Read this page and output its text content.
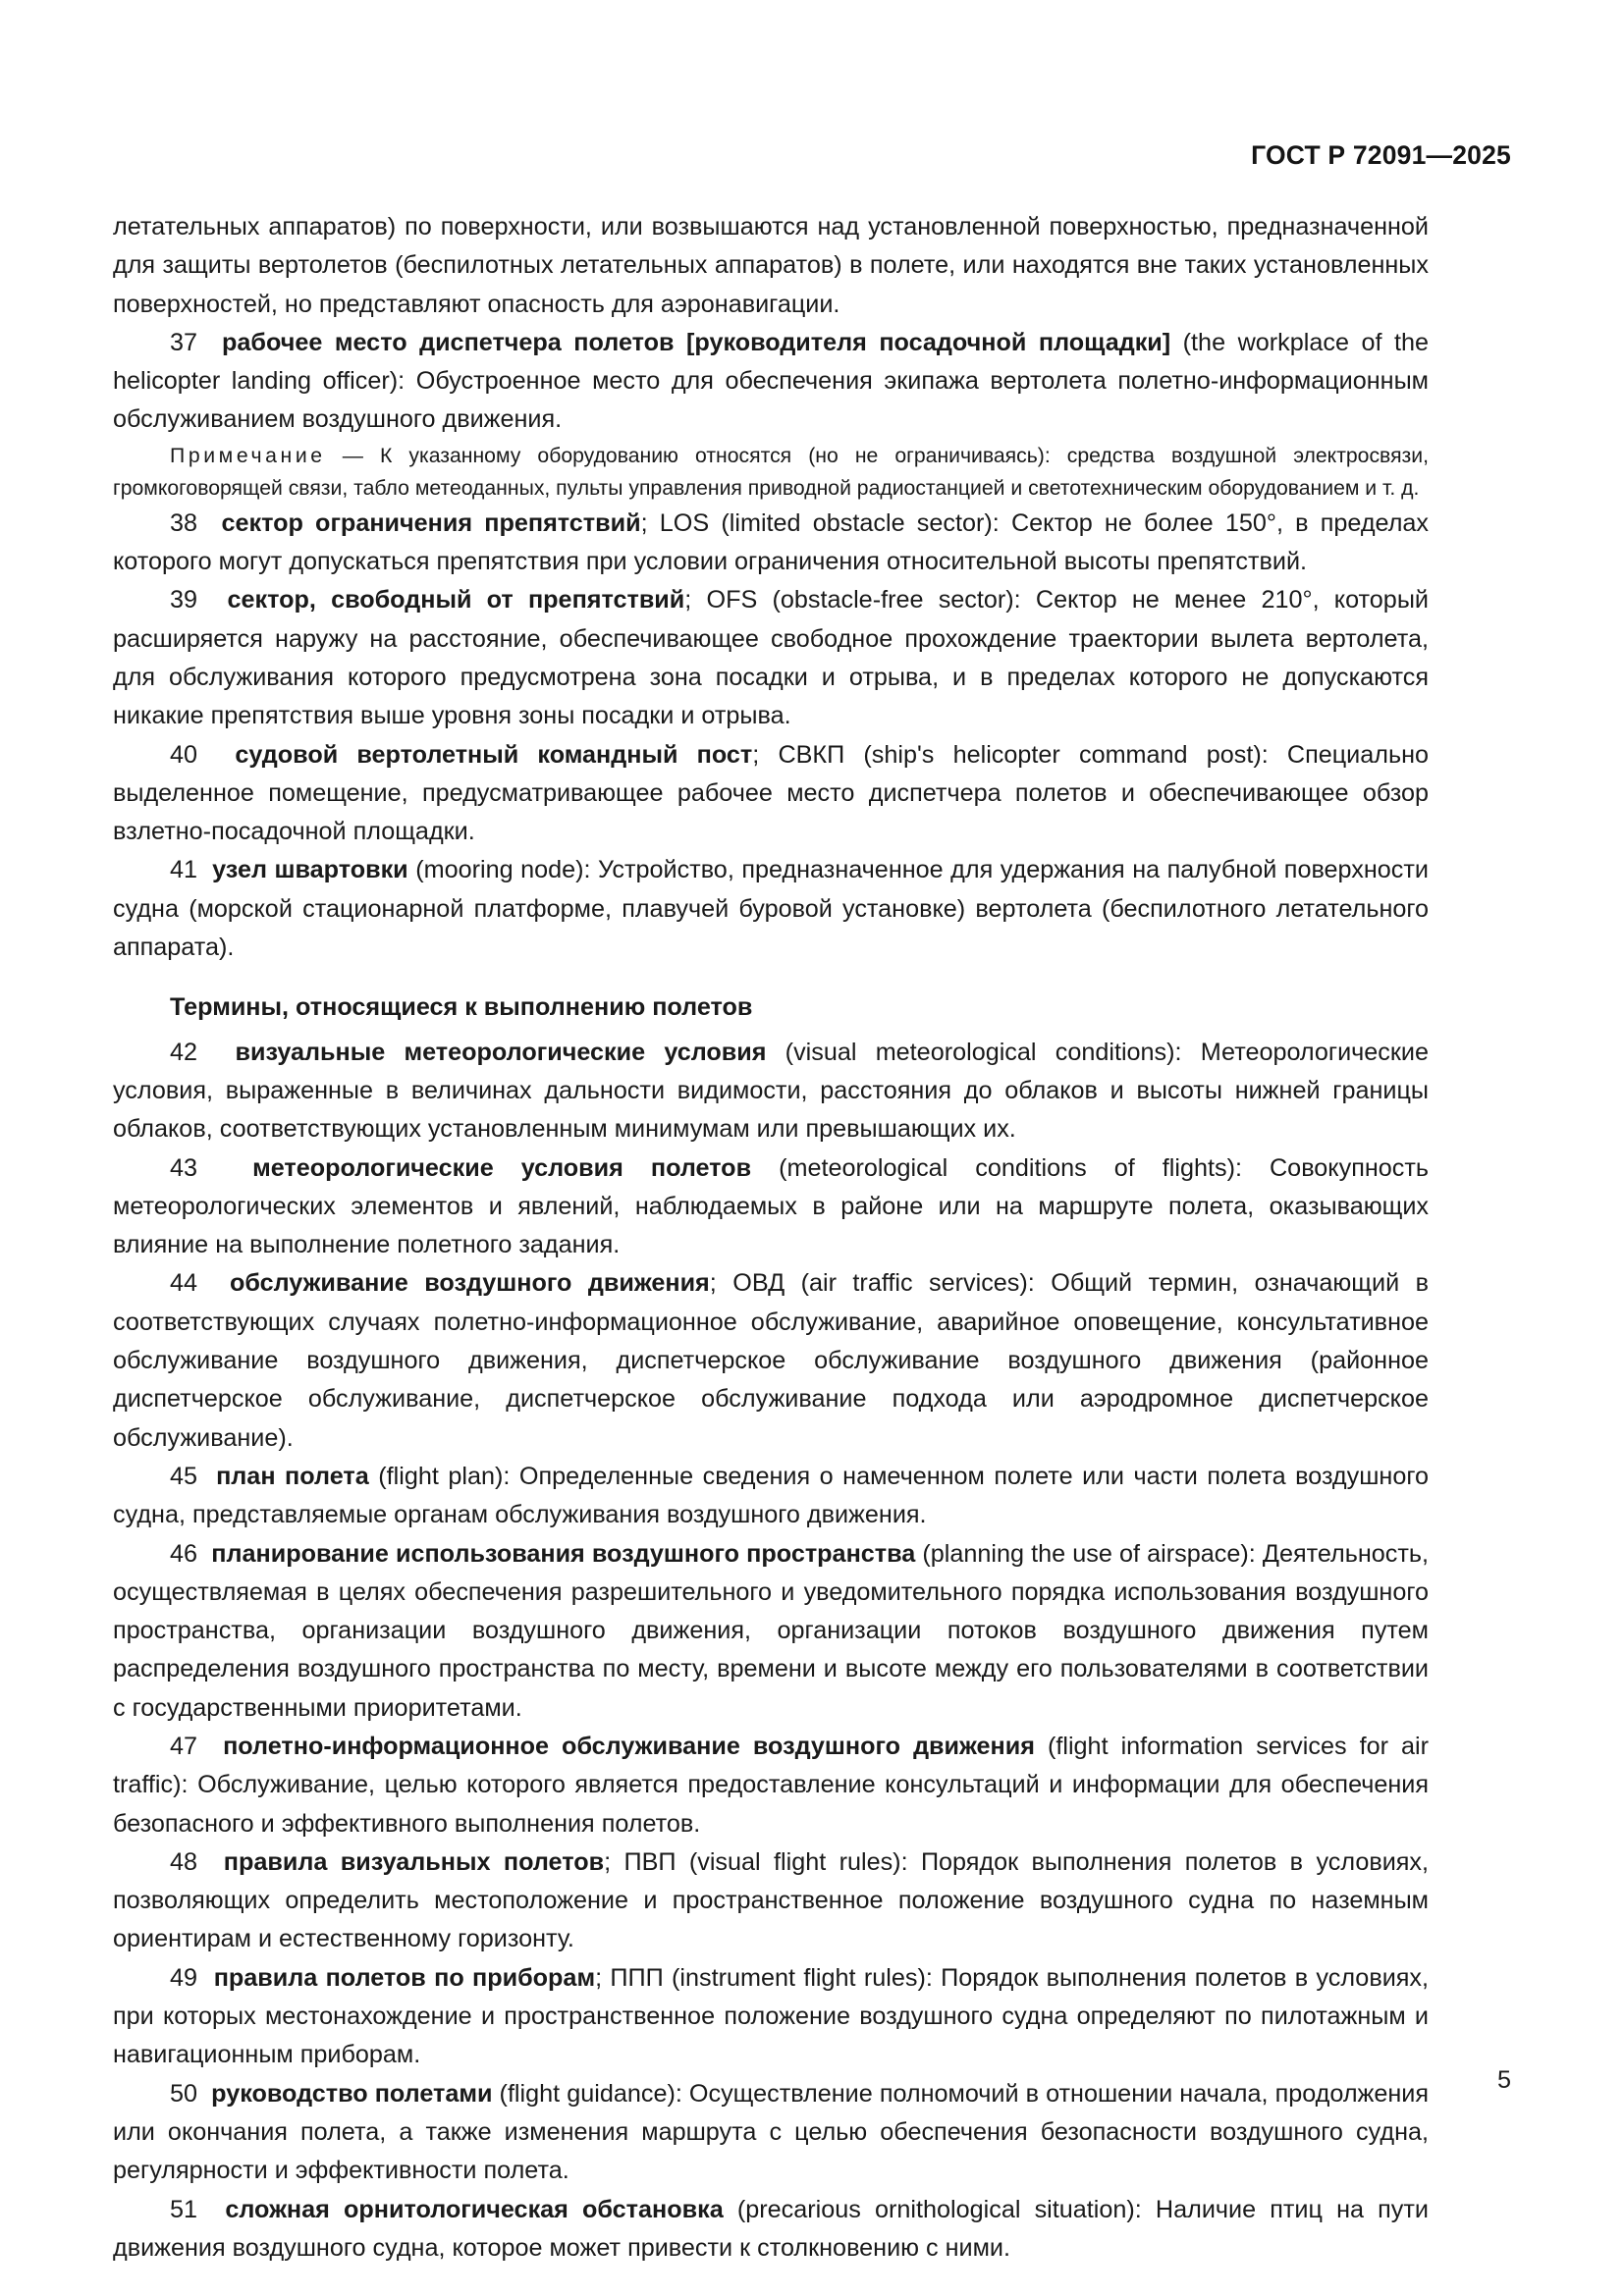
ГОСТ Р 72091—2025

летательных аппаратов) по поверхности, или возвышаются над установленной поверхностью, предназначенной для защиты вертолетов (беспилотных летательных аппаратов) в полете, или находятся вне таких установленных поверхностей, но представляют опасность для аэронавигации.

37 рабочее место диспетчера полетов [руководителя посадочной площадки] (the workplace of the helicopter landing officer): Обустроенное место для обеспечения экипажа вертолета полетно-информационным обслуживанием воздушного движения.

Примечание — К указанному оборудованию относятся (но не ограничиваясь): средства воздушной электросвязи, громкоговорящей связи, табло метеоданных, пульты управления приводной радиостанцией и светотехническим оборудованием и т. д.

38 сектор ограничения препятствий; LOS (limited obstacle sector): Сектор не более 150°, в пределах которого могут допускаться препятствия при условии ограничения относительной высоты препятствий.

39 сектор, свободный от препятствий; OFS (obstacle-free sector): Сектор не менее 210°, который расширяется наружу на расстояние, обеспечивающее свободное прохождение траектории вылета вертолета, для обслуживания которого предусмотрена зона посадки и отрыва, и в пределах которого не допускаются никакие препятствия выше уровня зоны посадки и отрыва.

40 судовой вертолетный командный пост; СВКП (ship's helicopter command post): Специально выделенное помещение, предусматривающее рабочее место диспетчера полетов и обеспечивающее обзор взлетно-посадочной площадки.

41 узел швартовки (mooring node): Устройство, предназначенное для удержания на палубной поверхности судна (морской стационарной платформе, плавучей буровой установке) вертолета (беспилотного летательного аппарата).

Термины, относящиеся к выполнению полетов

42 визуальные метеорологические условия (visual meteorological conditions): Метеорологические условия, выраженные в величинах дальности видимости, расстояния до облаков и высоты нижней границы облаков, соответствующих установленным минимумам или превышающих их.

43 метеорологические условия полетов (meteorological conditions of flights): Совокупность метеорологических элементов и явлений, наблюдаемых в районе или на маршруте полета, оказывающих влияние на выполнение полетного задания.

44 обслуживание воздушного движения; ОВД (air traffic services): Общий термин, означающий в соответствующих случаях полетно-информационное обслуживание, аварийное оповещение, консультативное обслуживание воздушного движения, диспетчерское обслуживание воздушного движения (районное диспетчерское обслуживание, диспетчерское обслуживание подхода или аэродромное диспетчерское обслуживание).

45 план полета (flight plan): Определенные сведения о намеченном полете или части полета воздушного судна, представляемые органам обслуживания воздушного движения.

46 планирование использования воздушного пространства (planning the use of airspace): Деятельность, осуществляемая в целях обеспечения разрешительного и уведомительного порядка использования воздушного пространства, организации воздушного движения, организации потоков воздушного движения путем распределения воздушного пространства по месту, времени и высоте между его пользователями в соответствии с государственными приоритетами.

47 полетно-информационное обслуживание воздушного движения (flight information services for air traffic): Обслуживание, целью которого является предоставление консультаций и информации для обеспечения безопасного и эффективного выполнения полетов.

48 правила визуальных полетов; ПВП (visual flight rules): Порядок выполнения полетов в условиях, позволяющих определить местоположение и пространственное положение воздушного судна по наземным ориентирам и естественному горизонту.

49 правила полетов по приборам; ППП (instrument flight rules): Порядок выполнения полетов в условиях, при которых местонахождение и пространственное положение воздушного судна определяют по пилотажным и навигационным приборам.

50 руководство полетами (flight guidance): Осуществление полномочий в отношении начала, продолжения или окончания полета, а также изменения маршрута с целью обеспечения безопасности воздушного судна, регулярности и эффективности полета.

51 сложная орнитологическая обстановка (precarious ornithological situation): Наличие птиц на пути движения воздушного судна, которое может привести к столкновению с ними.

5
